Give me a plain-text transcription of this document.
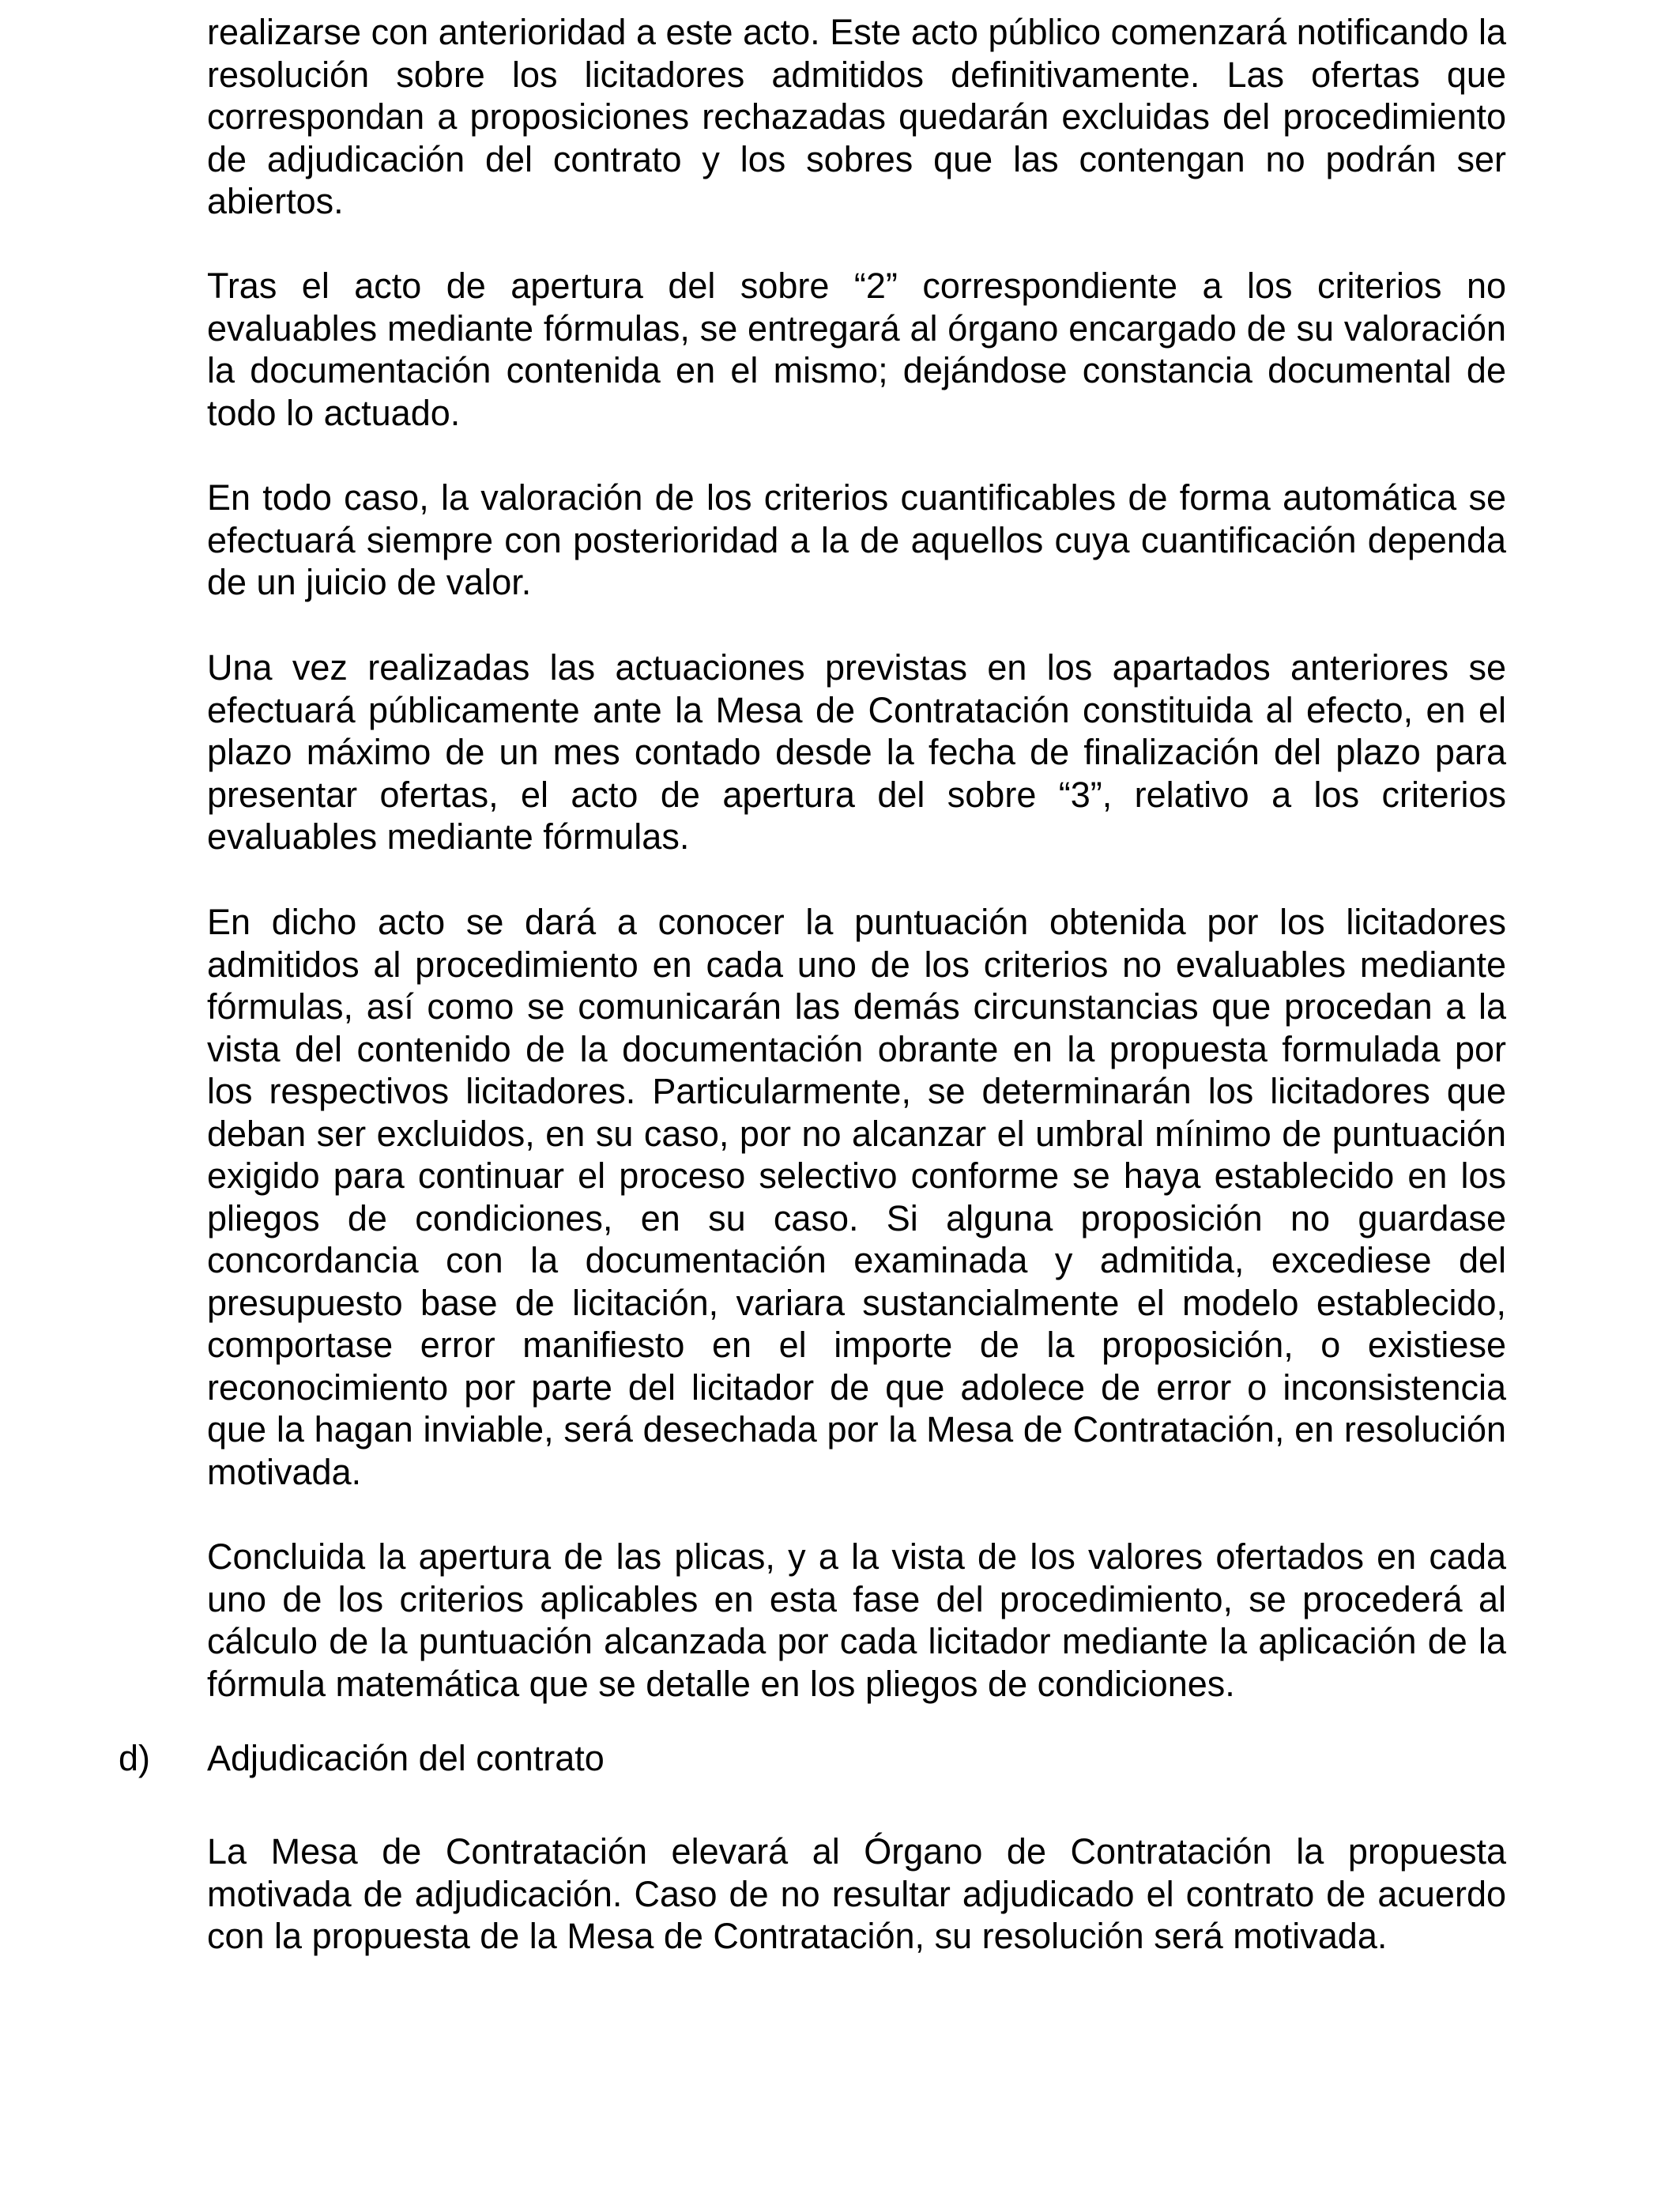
realizarse con anterioridad a este acto. Este acto público comenzará notificando la resolución sobre los licitadores admitidos definitivamente. Las ofertas que correspondan a proposiciones rechazadas quedarán excluidas del procedimiento de adjudicación del contrato y los sobres que las contengan no podrán ser abiertos.

Tras el acto de apertura del sobre “2” correspondiente a los criterios no evaluables mediante fórmulas, se entregará al órgano encargado de su valoración la documentación contenida en el mismo; dejándose constancia documental de todo lo actuado.

En todo caso, la valoración de los criterios cuantificables de forma automática se efectuará siempre con posterioridad a la de aquellos cuya cuantificación dependa de un juicio de valor.

Una vez realizadas las actuaciones previstas en los apartados anteriores se efectuará públicamente ante la Mesa de Contratación constituida al efecto, en el plazo máximo de un mes contado desde la fecha de finalización del plazo para presentar ofertas, el acto de apertura del sobre “3”, relativo a los criterios evaluables mediante fórmulas.

En dicho acto se dará a conocer la puntuación obtenida por los licitadores admitidos al procedimiento en cada uno de los criterios no evaluables mediante fórmulas, así como se comunicarán las demás circunstancias que procedan a la vista del contenido de la documentación obrante en la propuesta formulada por los respectivos licitadores. Particularmente, se determinarán los licitadores que deban ser excluidos, en su caso, por no alcanzar el umbral mínimo de puntuación exigido para continuar el proceso selectivo conforme se haya establecido en los pliegos de condiciones, en su caso. Si alguna proposición no guardase concordancia con la documentación examinada y admitida, excediese del presupuesto base de licitación, variara sustancialmente el modelo establecido, comportase error manifiesto en el importe de la proposición, o existiese reconocimiento por parte del licitador de que adolece de error o inconsistencia que la hagan inviable, será desechada por la Mesa de Contratación, en resolución motivada.

Concluida la apertura de las plicas, y a la vista de los valores ofertados en cada uno de los criterios aplicables en esta fase del procedimiento, se procederá al cálculo de la puntuación alcanzada por cada licitador mediante la aplicación de la fórmula matemática que se detalle en los pliegos de condiciones.

d) Adjudicación del contrato

La Mesa de Contratación elevará al Órgano de Contratación la propuesta motivada de adjudicación. Caso de no resultar adjudicado el contrato de acuerdo con la propuesta de la Mesa de Contratación, su resolución será motivada.
